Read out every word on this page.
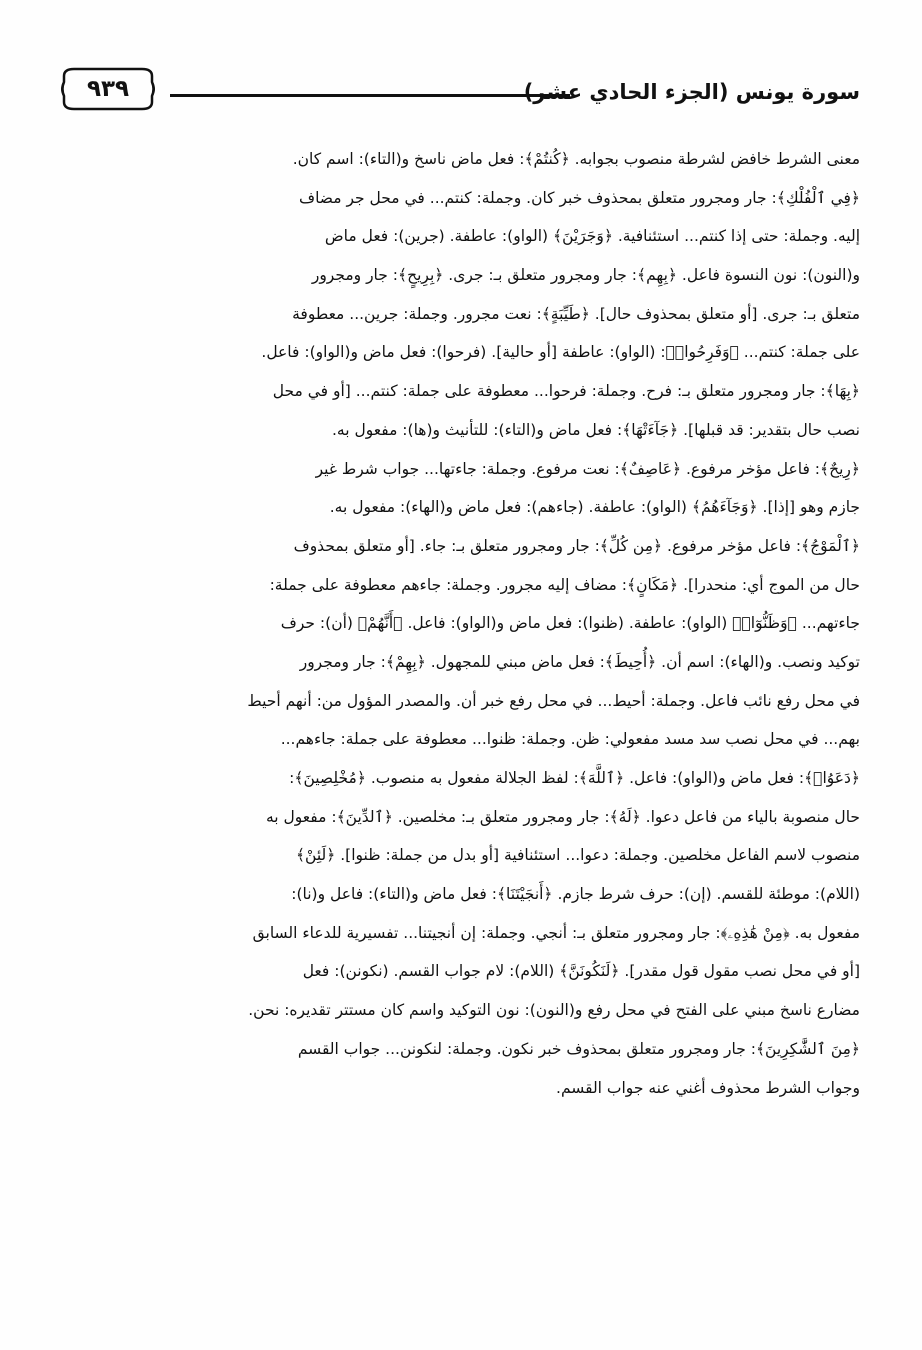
سورة يونس (الجزء الحادي عشر)
٩٣٩
معنى الشرط خافض لشرطة منصوب بجوابه. ﴿كُنتُمْ﴾: فعل ماض ناسخ و(التاء): اسم كان.
﴿فِي ٱلْفُلْكِ﴾: جار ومجرور متعلق بمحذوف خبر كان. وجملة: كنتم... في محل جر مضاف
إليه. وجملة: حتى إذا كنتم... استئنافية. ﴿وَجَرَيْنَ﴾ (الواو): عاطفة. (جرين): فعل ماض
و(النون): نون النسوة فاعل. ﴿بِهِم﴾: جار ومجرور متعلق بـ: جرى. ﴿بِرِيحٍ﴾: جار ومجرور
متعلق بـ: جرى. [أو متعلق بمحذوف حال]. ﴿طَيِّبَةٍ﴾: نعت مجرور. وجملة: جرين... معطوفة
على جملة: كنتم... ﴿وَفَرِحُوا۟﴾: (الواو): عاطفة [أو حالية]. (فرحوا): فعل ماض و(الواو): فاعل.
﴿بِهَا﴾: جار ومجرور متعلق بـ: فرح. وجملة: فرحوا... معطوفة على جملة: كنتم... [أو في محل
نصب حال بتقدير: قد قبلها]. ﴿جَآءَتْهَا﴾: فعل ماض و(التاء): للتأنيث و(ها): مفعول به.
﴿رِيحٌ﴾: فاعل مؤخر مرفوع. ﴿عَاصِفٌ﴾: نعت مرفوع. وجملة: جاءتها... جواب شرط غير
جازم وهو [إذا]. ﴿وَجَآءَهُمُ﴾ (الواو): عاطفة. (جاءهم): فعل ماض و(الهاء): مفعول به.
﴿ٱلْمَوْجُ﴾: فاعل مؤخر مرفوع. ﴿مِن كُلِّ﴾: جار ومجرور متعلق بـ: جاء. [أو متعلق بمحذوف
حال من الموج أي: منحدرا]. ﴿مَكَانٍ﴾: مضاف إليه مجرور. وجملة: جاءهم معطوفة على جملة:
جاءتهم... ﴿وَظَنُّوٓا۟﴾ (الواو): عاطفة. (ظنوا): فعل ماض و(الواو): فاعل. ﴿أَنَّهُمْ﴾ (أن): حرف
توكيد ونصب. و(الهاء): اسم أن. ﴿أُحِيطَ﴾: فعل ماض مبني للمجهول. ﴿بِهِمْ﴾: جار ومجرور
في محل رفع نائب فاعل. وجملة: أحيط... في محل رفع خبر أن. والمصدر المؤول من: أنهم أحيط
بهم... في محل نصب سد مسد مفعولي: ظن. وجملة: ظنوا... معطوفة على جملة: جاءهم...
﴿دَعَوُا۟﴾: فعل ماض و(الواو): فاعل. ﴿ٱللَّهَ﴾: لفظ الجلالة مفعول به منصوب. ﴿مُخْلِصِينَ﴾:
حال منصوبة بالياء من فاعل دعوا. ﴿لَهُ﴾: جار ومجرور متعلق بـ: مخلصين. ﴿ٱلدِّينَ﴾: مفعول به
منصوب لاسم الفاعل مخلصين. وجملة: دعوا... استئنافية [أو بدل من جملة: ظنوا]. ﴿لَئِنْ﴾
(اللام): موطئة للقسم. (إن): حرف شرط جازم. ﴿أَنجَيْتَنَا﴾: فعل ماض و(التاء): فاعل و(نا):
مفعول به. ﴿مِنْ هَٰذِهِۦ﴾: جار ومجرور متعلق بـ: أنجي. وجملة: إن أنجيتنا... تفسيرية للدعاء السابق
[أو في محل نصب مقول قول مقدر]. ﴿لَنَكُونَنَّ﴾ (اللام): لام جواب القسم. (نكونن): فعل
مضارع ناسخ مبني على الفتح في محل رفع و(النون): نون التوكيد واسم كان مستتر تقديره: نحن.
﴿مِنَ ٱلشَّٰكِرِينَ﴾: جار ومجرور متعلق بمحذوف خبر نكون. وجملة: لنكونن... جواب القسم
وجواب الشرط محذوف أغني عنه جواب القسم.
